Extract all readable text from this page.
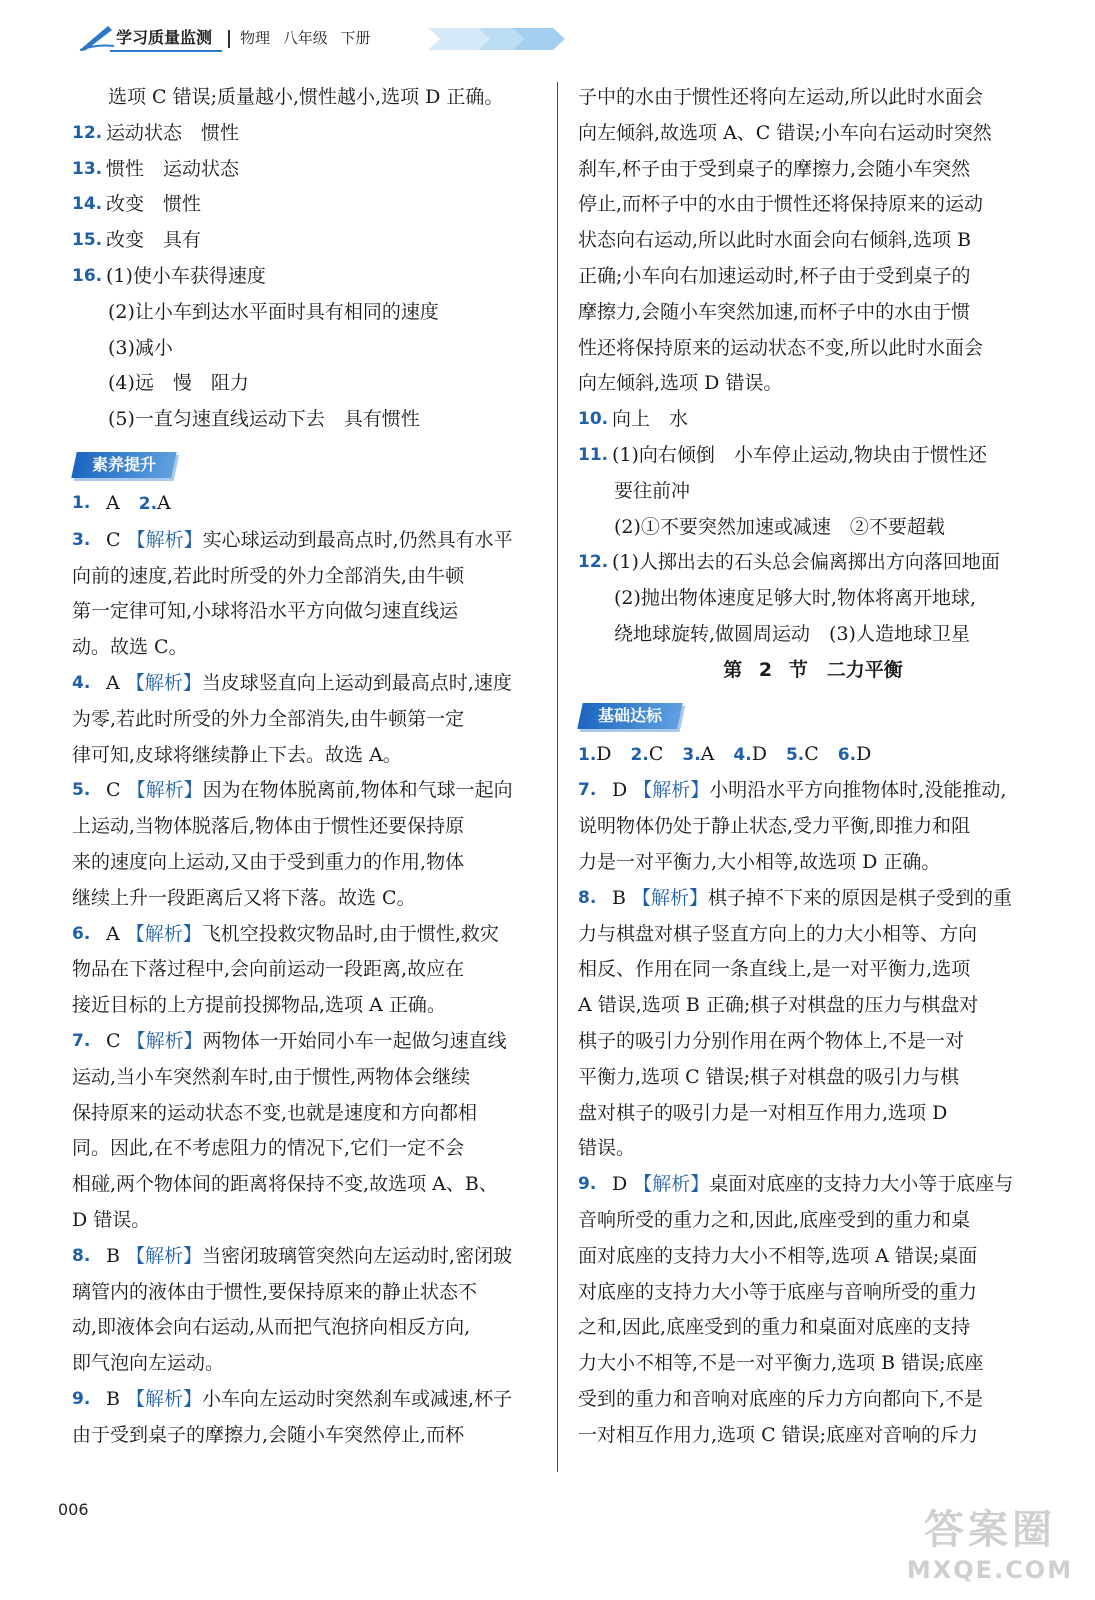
学习质量监测	物理 八年级 下册
选项 C 错误;质量越小,惯性越小,选项 D 正确。
12. 运动状态　惯性
13. 惯性　运动状态
14. 改变　惯性
15. 改变　具有
16. (1)使小车获得速度
(2)让小车到达水平面时具有相同的速度
(3)减小
(4)远　慢　阻力
(5)一直匀速直线运动下去　具有惯性
素养提升
1. A　2.A
3. C 【解析】实心球运动到最高点时,仍然具有水平
向前的速度,若此时所受的外力全部消失,由牛顿
第一定律可知,小球将沿水平方向做匀速直线运
动。故选 C。
4. A 【解析】当皮球竖直向上运动到最高点时,速度
为零,若此时所受的外力全部消失,由牛顿第一定
律可知,皮球将继续静止下去。故选 A。
5. C 【解析】因为在物体脱离前,物体和气球一起向
上运动,当物体脱落后,物体由于惯性还要保持原
来的速度向上运动,又由于受到重力的作用,物体
继续上升一段距离后又将下落。故选 C。
6. A 【解析】飞机空投救灾物品时,由于惯性,救灾
物品在下落过程中,会向前运动一段距离,故应在
接近目标的上方提前投掷物品,选项 A 正确。
7. C 【解析】两物体一开始同小车一起做匀速直线
运动,当小车突然刹车时,由于惯性,两物体会继续
保持原来的运动状态不变,也就是速度和方向都相
同。因此,在不考虑阻力的情况下,它们一定不会
相碰,两个物体间的距离将保持不变,故选项 A、B、
D 错误。
8. B 【解析】当密闭玻璃管突然向左运动时,密闭玻
璃管内的液体由于惯性,要保持原来的静止状态不
动,即液体会向右运动,从而把气泡挤向相反方向,
即气泡向左运动。
9. B 【解析】小车向左运动时突然刹车或减速,杯子
由于受到桌子的摩擦力,会随小车突然停止,而杯
子中的水由于惯性还将向左运动,所以此时水面会
向左倾斜,故选项 A、C 错误;小车向右运动时突然
刹车,杯子由于受到桌子的摩擦力,会随小车突然
停止,而杯子中的水由于惯性还将保持原来的运动
状态向右运动,所以此时水面会向右倾斜,选项 B
正确;小车向右加速运动时,杯子由于受到桌子的
摩擦力,会随小车突然加速,而杯子中的水由于惯
性还将保持原来的运动状态不变,所以此时水面会
向左倾斜,选项 D 错误。
10. 向上　水
11. (1)向右倾倒　小车停止运动,物块由于惯性还
要往前冲
(2)①不要突然加速或减速　②不要超载
12. (1)人掷出去的石头总会偏离掷出方向落回地面
(2)抛出物体速度足够大时,物体将离开地球,
绕地球旋转,做圆周运动　(3)人造地球卫星
第 2 节　二力平衡
基础达标
1.D　2.C　3.A　4.D　5.C　6.D
7. D 【解析】小明沿水平方向推物体时,没能推动,
说明物体仍处于静止状态,受力平衡,即推力和阻
力是一对平衡力,大小相等,故选项 D 正确。
8. B 【解析】棋子掉不下来的原因是棋子受到的重
力与棋盘对棋子竖直方向上的力大小相等、方向
相反、作用在同一条直线上,是一对平衡力,选项
A 错误,选项 B 正确;棋子对棋盘的压力与棋盘对
棋子的吸引力分别作用在两个物体上,不是一对
平衡力,选项 C 错误;棋子对棋盘的吸引力与棋
盘对棋子的吸引力是一对相互作用力,选项 D
错误。
9. D 【解析】桌面对底座的支持力大小等于底座与
音响所受的重力之和,因此,底座受到的重力和桌
面对底座的支持力大小不相等,选项 A 错误;桌面
对底座的支持力大小等于底座与音响所受的重力
之和,因此,底座受到的重力和桌面对底座的支持
力大小不相等,不是一对平衡力,选项 B 错误;底座
受到的重力和音响对底座的斥力方向都向下,不是
一对相互作用力,选项 C 错误;底座对音响的斥力
006	答案圈
MXQE.COM
